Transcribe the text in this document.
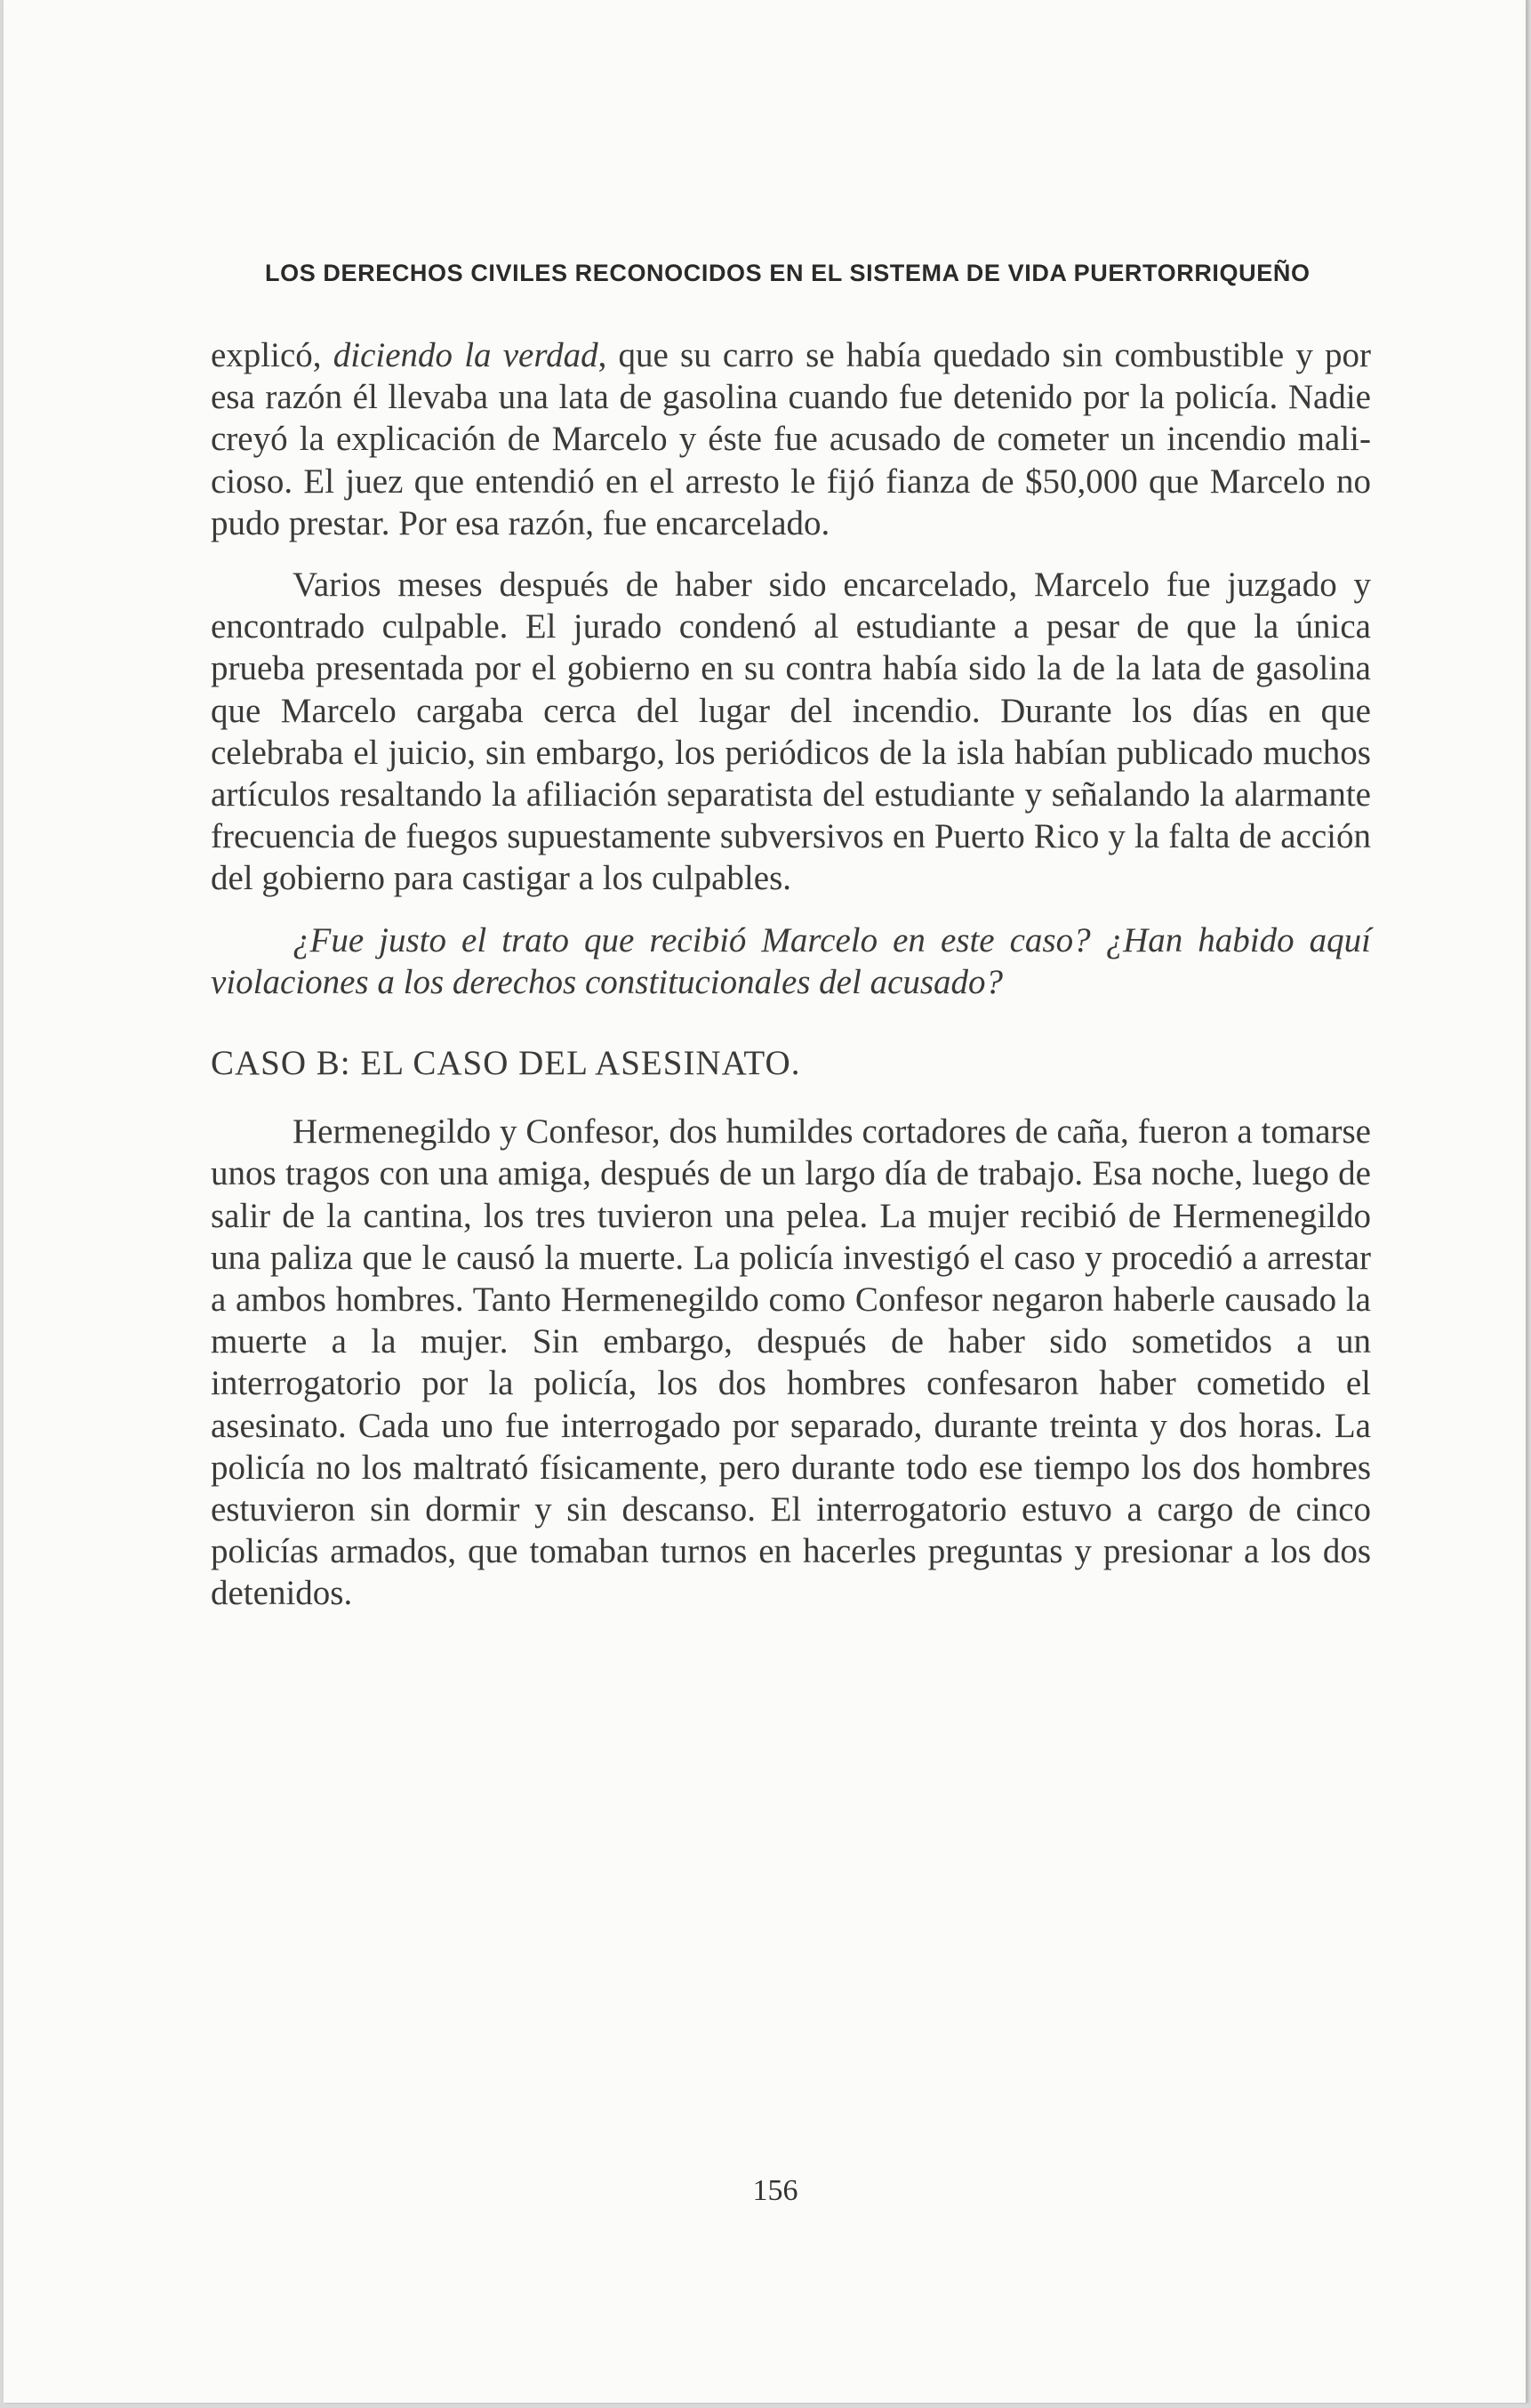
LOS DERECHOS CIVILES RECONOCIDOS EN EL SISTEMA DE VIDA PUERTORRIQUEÑO

explicó, diciendo la verdad, que su carro se había quedado sin combustible y por esa razón él llevaba una lata de gasolina cuando fue detenido por la policía. Nadie creyó la explicación de Marcelo y éste fue acusado de cometer un incendio malicioso. El juez que entendió en el arresto le fijó fianza de $50,000 que Marcelo no pudo prestar. Por esa razón, fue encarcelado.

Varios meses después de haber sido encarcelado, Marcelo fue juzgado y encontrado culpable. El jurado condenó al estudiante a pesar de que la única prueba presentada por el gobierno en su contra había sido la de la lata de gasolina que Marcelo cargaba cerca del lugar del incendio. Durante los días en que celebraba el juicio, sin embargo, los periódicos de la isla habían publicado muchos artículos resaltando la afiliación separatista del estudiante y señalando la alarmante frecuencia de fuegos supuestamente subversivos en Puerto Rico y la falta de acción del gobierno para castigar a los culpables.

¿Fue justo el trato que recibió Marcelo en este caso? ¿Han habido aquí violaciones a los derechos constitucionales del acusado?

CASO B: EL CASO DEL ASESINATO.

Hermenegildo y Confesor, dos humildes cortadores de caña, fueron a tomarse unos tragos con una amiga, después de un largo día de trabajo. Esa noche, luego de salir de la cantina, los tres tuvieron una pelea. La mujer recibió de Hermenegildo una paliza que le causó la muerte. La policía investigó el caso y procedió a arrestar a ambos hombres. Tanto Hermenegildo como Confesor negaron haberle causado la muerte a la mujer. Sin embargo, después de haber sido sometidos a un interrogatorio por la policía, los dos hombres confesaron haber cometido el asesinato. Cada uno fue interrogado por separado, durante treinta y dos horas. La policía no los maltrató físicamente, pero durante todo ese tiempo los dos hombres estuvieron sin dormir y sin descanso. El interrogatorio estuvo a cargo de cinco policías armados, que tomaban turnos en hacerles preguntas y presionar a los dos detenidos.

156
